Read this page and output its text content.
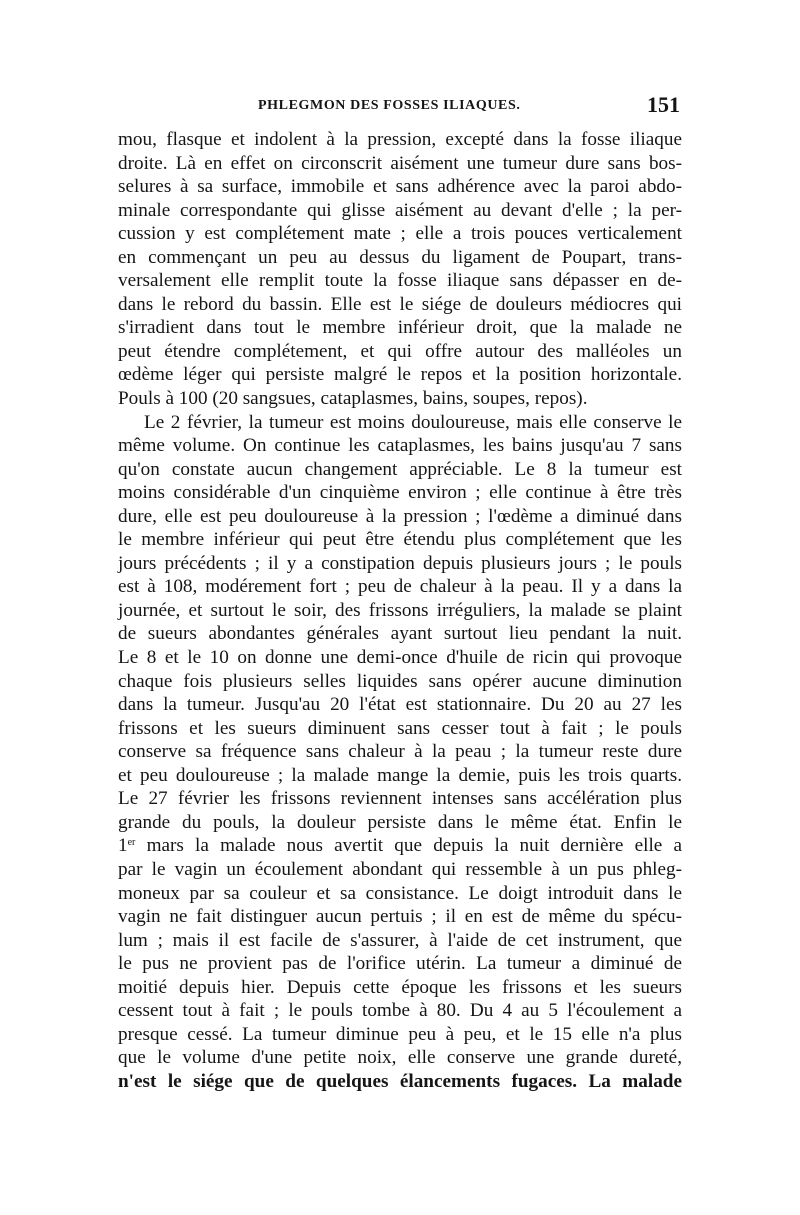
PHLEGMON DES FOSSES ILIAQUES.	151
mou, flasque et indolent à la pression, excepté dans la fosse iliaque
droite. Là en effet on circonscrit aisément une tumeur dure sans bos-
selures à sa surface, immobile et sans adhérence avec la paroi abdo-
minale correspondante qui glisse aisément au devant d'elle ; la per-
cussion y est complétement mate ; elle a trois pouces verticalement
en commençant un peu au dessus du ligament de Poupart, trans-
versalement elle remplit toute la fosse iliaque sans dépasser en de-
dans le rebord du bassin. Elle est le siége de douleurs médiocres qui
s'irradient dans tout le membre inférieur droit, que la malade ne
peut étendre complétement, et qui offre autour des malléoles un
œdème léger qui persiste malgré le repos et la position horizontale.
Pouls à 100 (20 sangsues, cataplasmes, bains, soupes, repos).
Le 2 février, la tumeur est moins douloureuse, mais elle conserve le
même volume. On continue les cataplasmes, les bains jusqu'au 7 sans
qu'on constate aucun changement appréciable. Le 8 la tumeur est
moins considérable d'un cinquième environ ; elle continue à être très
dure, elle est peu douloureuse à la pression ; l'œdème a diminué dans
le membre inférieur qui peut être étendu plus complétement que les
jours précédents ; il y a constipation depuis plusieurs jours ; le pouls
est à 108, modérement fort ; peu de chaleur à la peau. Il y a dans la
journée, et surtout le soir, des frissons irréguliers, la malade se plaint
de sueurs abondantes générales ayant surtout lieu pendant la nuit.
Le 8 et le 10 on donne une demi-once d'huile de ricin qui provoque
chaque fois plusieurs selles liquides sans opérer aucune diminution
dans la tumeur. Jusqu'au 20 l'état est stationnaire. Du 20 au 27 les
frissons et les sueurs diminuent sans cesser tout à fait ; le pouls
conserve sa fréquence sans chaleur à la peau ; la tumeur reste dure
et peu douloureuse ; la malade mange la demie, puis les trois quarts.
Le 27 février les frissons reviennent intenses sans accélération plus
grande du pouls, la douleur persiste dans le même état. Enfin le
1er mars la malade nous avertit que depuis la nuit dernière elle a
par le vagin un écoulement abondant qui ressemble à un pus phleg-
moneux par sa couleur et sa consistance. Le doigt introduit dans le
vagin ne fait distinguer aucun pertuis ; il en est de même du spécu-
lum ; mais il est facile de s'assurer, à l'aide de cet instrument, que
le pus ne provient pas de l'orifice utérin. La tumeur a diminué de
moitié depuis hier. Depuis cette époque les frissons et les sueurs
cessent tout à fait ; le pouls tombe à 80. Du 4 au 5 l'écoulement a
presque cessé. La tumeur diminue peu à peu, et le 15 elle n'a plus
que le volume d'une petite noix, elle conserve une grande dureté,
n'est le siége que de quelques élancements fugaces. La malade
